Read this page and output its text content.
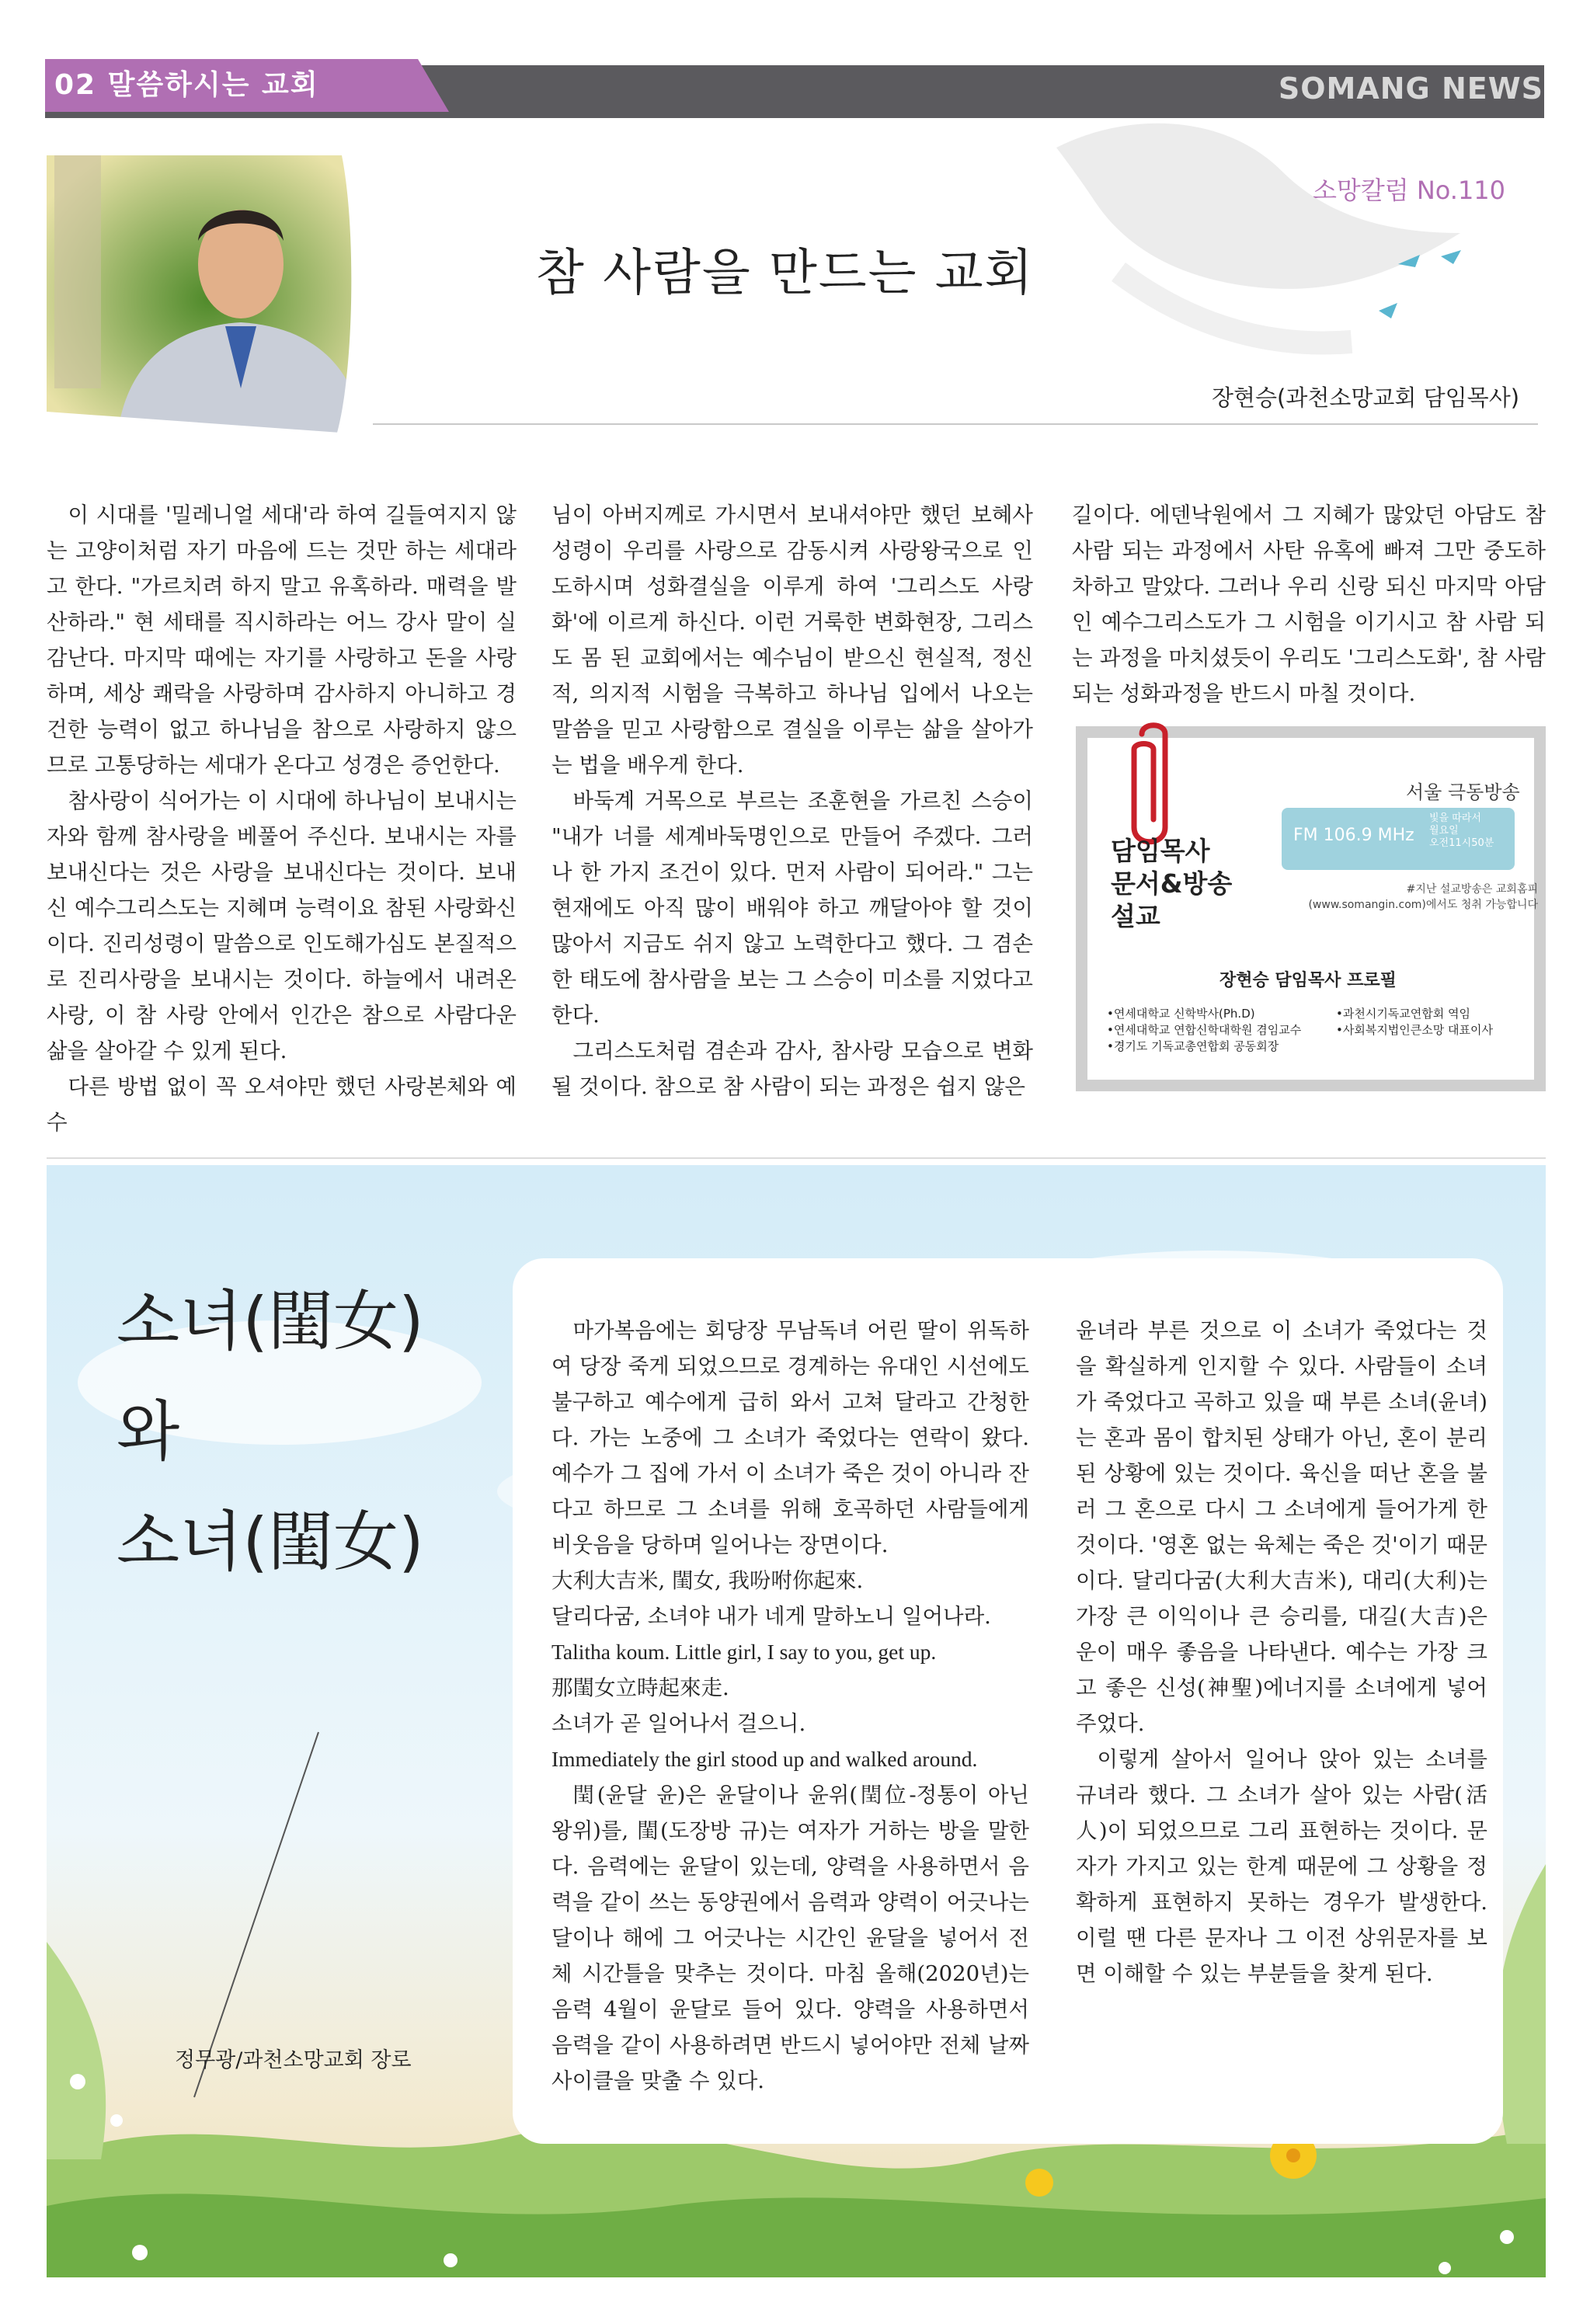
02 말씀하시는 교회	SOMANG NEWS
소망칼럼 No.110
참 사람을 만드는 교회
장현승(과천소망교회 담임목사)

이 시대를 '밀레니얼 세대'라 하여 길들여지지 않는 고양이처럼 자기 마음에 드는 것만 하는 세대라고 한다. "가르치려 하지 말고 유혹하라. 매력을 발산하라." 현 세태를 직시하라는 어느 강사 말이 실감난다. 마지막 때에는 자기를 사랑하고 돈을 사랑하며, 세상 쾌락을 사랑하며 감사하지 아니하고 경건한 능력이 없고 하나님을 참으로 사랑하지 않으므로 고통당하는 세대가 온다고 성경은 증언한다.

참사랑이 식어가는 이 시대에 하나님이 보내시는 자와 함께 참사랑을 베풀어 주신다. 보내시는 자를 보내신다는 것은 사랑을 보내신다는 것이다. 보내신 예수그리스도는 지혜며 능력이요 참된 사랑화신이다. 진리성령이 말씀으로 인도해가심도 본질적으로 진리사랑을 보내시는 것이다. 하늘에서 내려온 사랑, 이 참 사랑 안에서 인간은 참으로 사람다운 삶을 살아갈 수 있게 된다.

다른 방법 없이 꼭 오셔야만 했던 사랑본체와 예수

님이 아버지께로 가시면서 보내셔야만 했던 보혜사 성령이 우리를 사랑으로 감동시켜 사랑왕국으로 인도하시며 성화결실을 이루게 하여 '그리스도 사랑화'에 이르게 하신다. 이런 거룩한 변화현장, 그리스도 몸 된 교회에서는 예수님이 받으신 현실적, 정신적, 의지적 시험을 극복하고 하나님 입에서 나오는 말씀을 믿고 사랑함으로 결실을 이루는 삶을 살아가는 법을 배우게 한다.

바둑계 거목으로 부르는 조훈현을 가르친 스승이 "내가 너를 세계바둑명인으로 만들어 주겠다. 그러나 한 가지 조건이 있다. 먼저 사람이 되어라." 그는 현재에도 아직 많이 배워야 하고 깨달아야 할 것이 많아서 지금도 쉬지 않고 노력한다고 했다. 그 겸손한 태도에 참사람을 보는 그 스승이 미소를 지었다고 한다.

그리스도처럼 겸손과 감사, 참사랑 모습으로 변화될 것이다. 참으로 참 사람이 되는 과정은 쉽지 않은

길이다. 에덴낙원에서 그 지혜가 많았던 아담도 참 사람 되는 과정에서 사탄 유혹에 빠져 그만 중도하차하고 말았다. 그러나 우리 신랑 되신 마지막 아담인 예수그리스도가 그 시험을 이기시고 참 사람 되는 과정을 마치셨듯이 우리도 '그리스도화', 참 사람 되는 성화과정을 반드시 마칠 것이다.

담임목사
문서&방송
설교
서울 극동방송
FM 106.9 MHz
빛을 따라서
월요일
오전11시50분
#지난 설교방송은 교회홈피
(www.somangin.com)에서도 청취 가능합니다
장현승 담임목사 프로필
•연세대학교 신학박사(Ph.D)
•연세대학교 연합신학대학원 겸임교수
•경기도 기독교총연합회 공동회장
•과천시기독교연합회 역임
•사회복지법인큰소망 대표이사
소녀(閨女)
와
소녀(閨女)
정무광/과천소망교회 장로

마가복음에는 회당장 무남독녀 어린 딸이 위독하여 당장 죽게 되었으므로 경계하는 유대인 시선에도 불구하고 예수에게 급히 와서 고쳐 달라고 간청한다. 가는 노중에 그 소녀가 죽었다는 연락이 왔다. 예수가 그 집에 가서 이 소녀가 죽은 것이 아니라 잔다고 하므로 그 소녀를 위해 호곡하던 사람들에게 비웃음을 당하며 일어나는 장면이다.

大利大吉米, 閨女, 我吩咐你起來.

달리다굼, 소녀야 내가 네게 말하노니 일어나라.

Talitha koum. Little girl, I say to you, get up.

那閨女立時起來走.

소녀가 곧 일어나서 걸으니.

Immediately the girl stood up and walked around.

閏(윤달 윤)은 윤달이나 윤위(閏位-정통이 아닌 왕위)를, 閨(도장방 규)는 여자가 거하는 방을 말한다. 음력에는 윤달이 있는데, 양력을 사용하면서 음력을 같이 쓰는 동양권에서 음력과 양력이 어긋나는 달이나 해에 그 어긋나는 시간인 윤달을 넣어서 전체 시간틀을 맞추는 것이다. 마침 올해(2020년)는 음력 4월이 윤달로 들어 있다. 양력을 사용하면서 음력을 같이 사용하려면 반드시 넣어야만 전체 날짜 사이클을 맞출 수 있다.

윤녀라 부른 것으로 이 소녀가 죽었다는 것을 확실하게 인지할 수 있다. 사람들이 소녀가 죽었다고 곡하고 있을 때 부른 소녀(윤녀)는 혼과 몸이 합치된 상태가 아닌, 혼이 분리 된 상황에 있는 것이다. 육신을 떠난 혼을 불러 그 혼으로 다시 그 소녀에게 들어가게 한 것이다. '영혼 없는 육체는 죽은 것'이기 때문이다. 달리다굼(大利大吉米), 대리(大利)는 가장 큰 이익이나 큰 승리를, 대길(大吉)은 운이 매우 좋음을 나타낸다. 예수는 가장 크고 좋은 신성(神聖)에너지를 소녀에게 넣어주었다.

이렇게 살아서 일어나 앉아 있는 소녀를 규녀라 했다. 그 소녀가 살아 있는 사람(活人)이 되었으므로 그리 표현하는 것이다. 문자가 가지고 있는 한계 때문에 그 상황을 정확하게 표현하지 못하는 경우가 발생한다. 이럴 땐 다른 문자나 그 이전 상위문자를 보면 이해할 수 있는 부분들을 찾게 된다.
